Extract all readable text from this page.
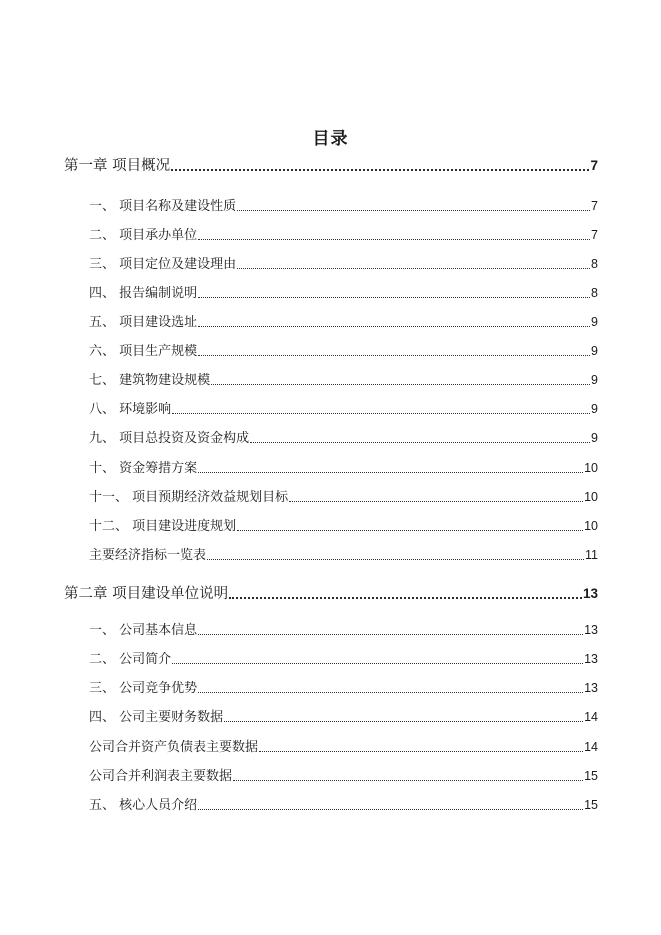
目录
第一章 项目概况	7
一、 项目名称及建设性质	7
二、 项目承办单位	7
三、 项目定位及建设理由	8
四、 报告编制说明	8
五、 项目建设选址	9
六、 项目生产规模	9
七、 建筑物建设规模	9
八、 环境影响	9
九、 项目总投资及资金构成	9
十、 资金筹措方案	10
十一、 项目预期经济效益规划目标	10
十二、 项目建设进度规划	10
主要经济指标一览表	11
第二章 项目建设单位说明	13
一、 公司基本信息	13
二、 公司简介	13
三、 公司竞争优势	13
四、 公司主要财务数据	14
公司合并资产负债表主要数据	14
公司合并利润表主要数据	15
五、 核心人员介绍	15
